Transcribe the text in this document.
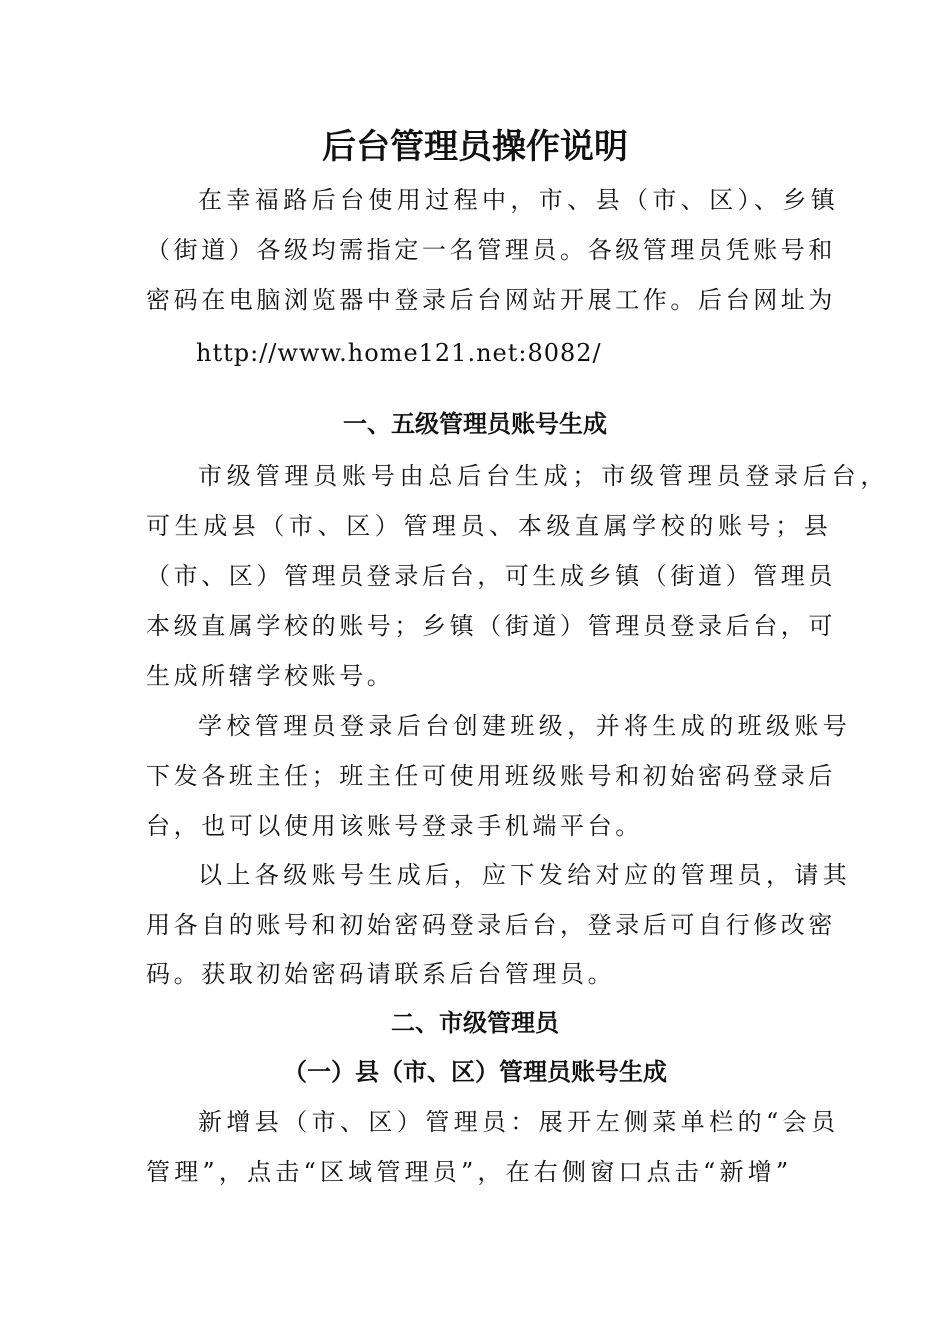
后台管理员操作说明
在幸福路后台使用过程中，市、县（市、区）、乡镇
（街道）各级均需指定一名管理员。各级管理员凭账号和
密码在电脑浏览器中登录后台网站开展工作。后台网址为
http://www.home121.net:8082/
一、五级管理员账号生成
市级管理员账号由总后台生成；市级管理员登录后台，
可生成县（市、区）管理员、本级直属学校的账号；县
（市、区）管理员登录后台，可生成乡镇（街道）管理员
本级直属学校的账号；乡镇（街道）管理员登录后台，可
生成所辖学校账号。
学校管理员登录后台创建班级，并将生成的班级账号
下发各班主任；班主任可使用班级账号和初始密码登录后
台，也可以使用该账号登录手机端平台。
以上各级账号生成后，应下发给对应的管理员，请其
用各自的账号和初始密码登录后台，登录后可自行修改密
码。获取初始密码请联系后台管理员。
二、市级管理员
（一）县（市、区）管理员账号生成
新增县（市、区）管理员：展开左侧菜单栏的“会员
管理”，点击“区域管理员”，在右侧窗口点击“新增”
